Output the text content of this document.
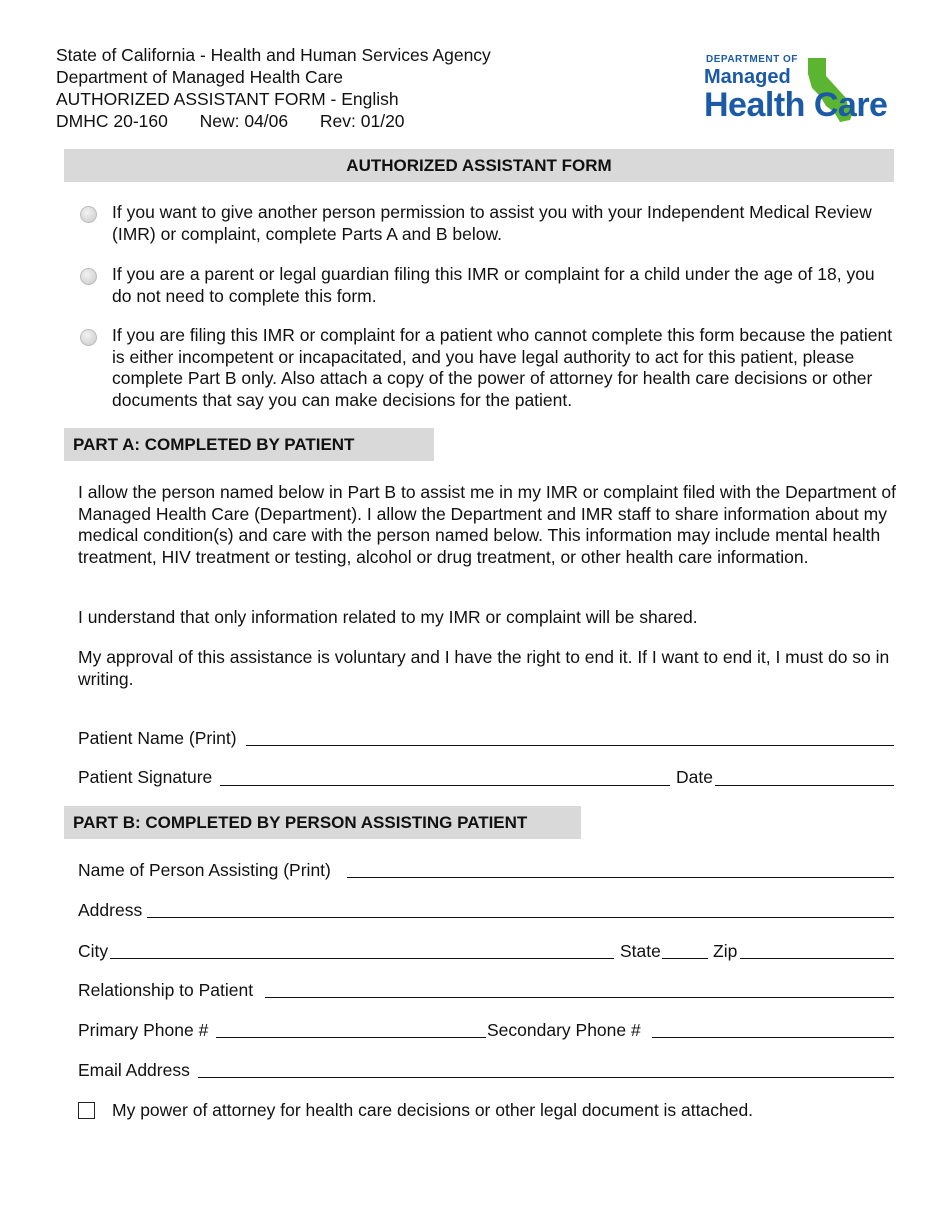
State of California - Health and Human Services Agency
Department of Managed Health Care
AUTHORIZED ASSISTANT FORM - English
DMHC 20-160 New: 04/06 Rev: 01/20
DEPARTMENT OF
Managed
Health Care
AUTHORIZED ASSISTANT FORM
If you want to give another person permission to assist you with your Independent Medical Review (IMR) or complaint, complete Parts A and B below.
If you are a parent or legal guardian filing this IMR or complaint for a child under the age of 18, you do not need to complete this form.
If you are filing this IMR or complaint for a patient who cannot complete this form because the patient is either incompetent or incapacitated, and you have legal authority to act for this patient, please complete Part B only. Also attach a copy of the power of attorney for health care decisions or other documents that say you can make decisions for the patient.
PART A: COMPLETED BY PATIENT
I allow the person named below in Part B to assist me in my IMR or complaint filed with the Department of Managed Health Care (Department). I allow the Department and IMR staff to share information about my medical condition(s) and care with the person named below. This information may include mental health treatment, HIV treatment or testing, alcohol or drug treatment, or other health care information.
I understand that only information related to my IMR or complaint will be shared.
My approval of this assistance is voluntary and I have the right to end it. If I want to end it, I must do so in writing.
Patient Name (Print)
Patient Signature	Date
PART B: COMPLETED BY PERSON ASSISTING PATIENT
Name of Person Assisting (Print)
Address
City	State	Zip
Relationship to Patient
Primary Phone #	Secondary Phone #
Email Address
My power of attorney for health care decisions or other legal document is attached.
